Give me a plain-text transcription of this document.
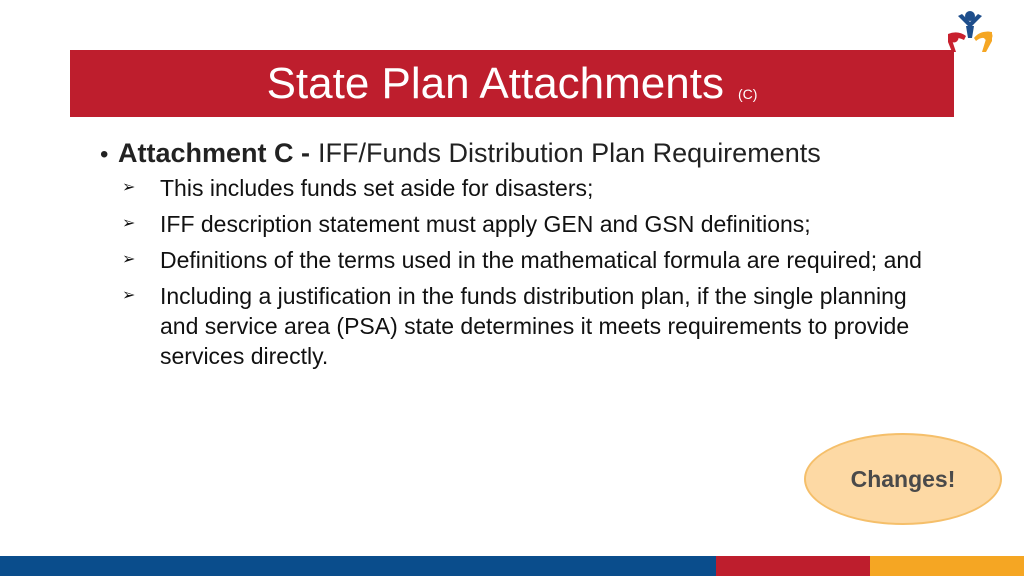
State Plan Attachments (C)
• Attachment C - IFF/Funds Distribution Plan Requirements
➢ This includes funds set aside for disasters;
➢ IFF description statement must apply GEN and GSN definitions;
➢ Definitions of the terms used in the mathematical formula are required; and
➢ Including a justification in the funds distribution plan, if the single planning and service area (PSA) state determines it meets requirements to provide services directly.
Changes!
